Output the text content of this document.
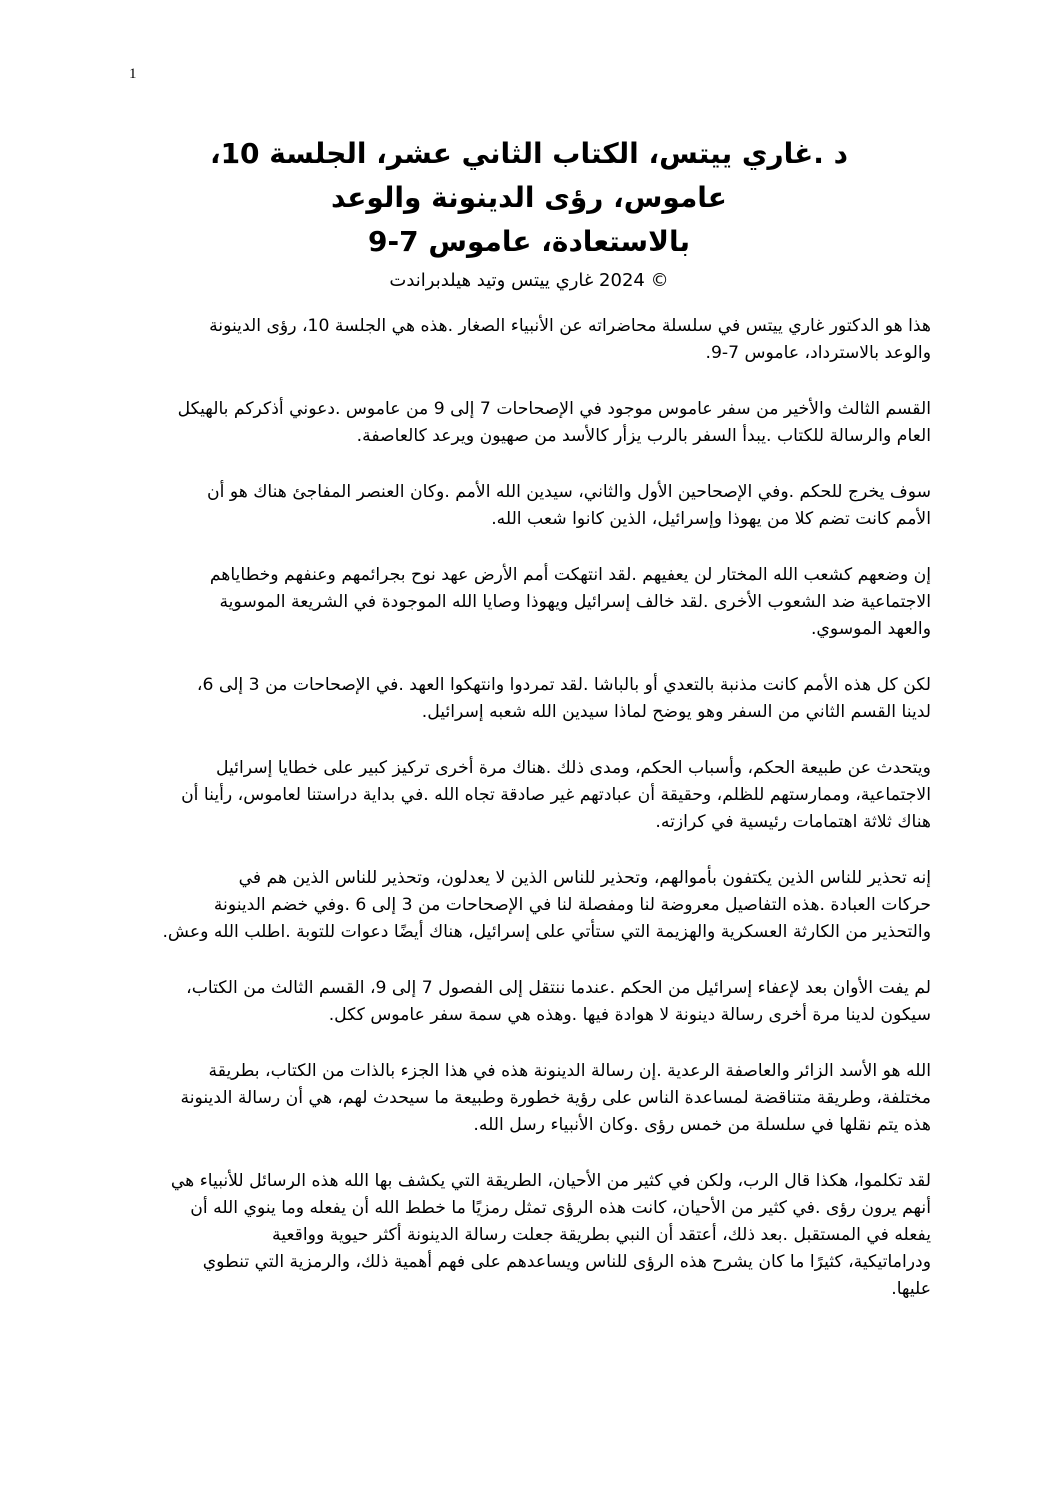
1
د .غاري ييتس، الكتاب الثاني عشر، الجلسة 10،
عاموس، رؤى الدينونة والوعد
بالاستعادة، عاموس 7-9
© 2024 غاري ييتس وتيد هيلدبراندت

هذا هو الدكتور غاري ييتس في سلسلة محاضراته عن الأنبياء الصغار .هذه هي الجلسة 10، رؤى الدينونة
والوعد بالاسترداد، عاموس 7-9.

القسم الثالث والأخير من سفر عاموس موجود في الإصحاحات 7 إلى 9 من عاموس .دعوني أذكركم بالهيكل
العام والرسالة للكتاب .يبدأ السفر بالرب يزأر كالأسد من صهيون ويرعد كالعاصفة.

سوف يخرج للحكم .وفي الإصحاحين الأول والثاني، سيدين الله الأمم .وكان العنصر المفاجئ هناك هو أن
الأمم كانت تضم كلا من يهوذا وإسرائيل، الذين كانوا شعب الله.

إن وضعهم كشعب الله المختار لن يعفيهم .لقد انتهكت أمم الأرض عهد نوح بجرائمهم وعنفهم وخطاياهم
الاجتماعية ضد الشعوب الأخرى .لقد خالف إسرائيل ويهوذا وصايا الله الموجودة في الشريعة الموسوية
والعهد الموسوي.

لكن كل هذه الأمم كانت مذنبة بالتعدي أو بالباشا .لقد تمردوا وانتهكوا العهد .في الإصحاحات من 3 إلى 6،
لدينا القسم الثاني من السفر وهو يوضح لماذا سيدين الله شعبه إسرائيل.

ويتحدث عن طبيعة الحكم، وأسباب الحكم، ومدى ذلك .هناك مرة أخرى تركيز كبير على خطايا إسرائيل
الاجتماعية، وممارستهم للظلم، وحقيقة أن عبادتهم غير صادقة تجاه الله .في بداية دراستنا لعاموس، رأينا أن
هناك ثلاثة اهتمامات رئيسية في كرازته.

إنه تحذير للناس الذين يكتفون بأموالهم، وتحذير للناس الذين لا يعدلون، وتحذير للناس الذين هم في
حركات العبادة .هذه التفاصيل معروضة لنا ومفصلة لنا في الإصحاحات من 3 إلى 6 .وفي خضم الدينونة
والتحذير من الكارثة العسكرية والهزيمة التي ستأتي على إسرائيل، هناك أيضًا دعوات للتوبة .اطلب الله وعش.

لم يفت الأوان بعد لإعفاء إسرائيل من الحكم .عندما ننتقل إلى الفصول 7 إلى 9، القسم الثالث من الكتاب،
سيكون لدينا مرة أخرى رسالة دينونة لا هوادة فيها .وهذه هي سمة سفر عاموس ككل.

الله هو الأسد الزائر والعاصفة الرعدية .إن رسالة الدينونة هذه في هذا الجزء بالذات من الكتاب، بطريقة
مختلفة، وطريقة متناقضة لمساعدة الناس على رؤية خطورة وطبيعة ما سيحدث لهم، هي أن رسالة الدينونة
هذه يتم نقلها في سلسلة من خمس رؤى .وكان الأنبياء رسل الله.

لقد تكلموا، هكذا قال الرب، ولكن في كثير من الأحيان، الطريقة التي يكشف بها الله هذه الرسائل للأنبياء هي
أنهم يرون رؤى .في كثير من الأحيان، كانت هذه الرؤى تمثل رمزيًا ما خطط الله أن يفعله وما ينوي الله أن
يفعله في المستقبل .بعد ذلك، أعتقد أن النبي بطريقة جعلت رسالة الدينونة أكثر حيوية وواقعية
ودراماتيكية، كثيرًا ما كان يشرح هذه الرؤى للناس ويساعدهم على فهم أهمية ذلك، والرمزية التي تنطوي
عليها.
